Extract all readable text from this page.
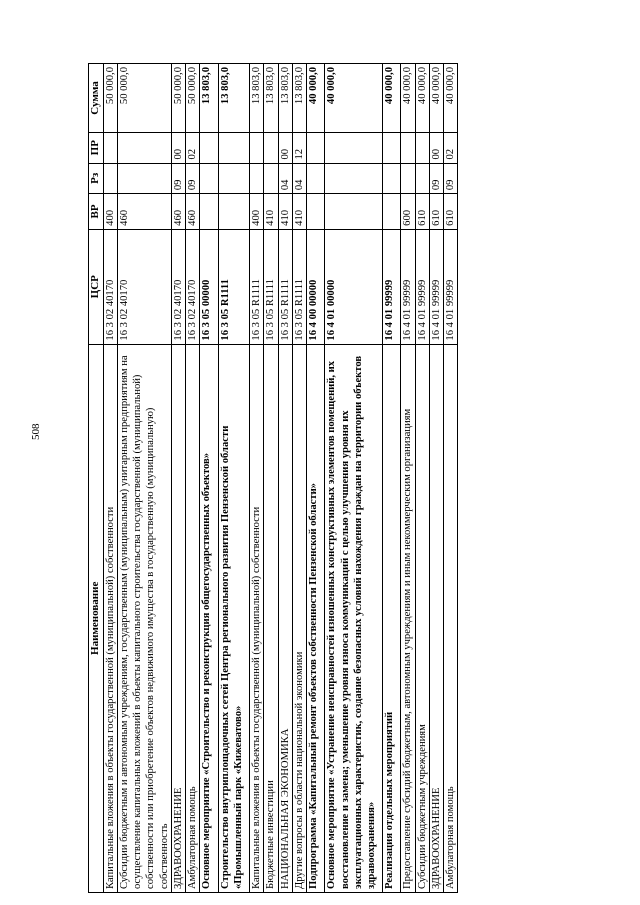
508
Наименование	ЦСР	ВР	Рз	ПР	Сумма
Капитальные вложения в объекты государственной (муниципальной) собственности	16 3 02 40170	400			50 000,0
Субсидии бюджетным и автономным учреждениям, государственным (муниципальным) унитарным предприятиям на осуществление капитальных вложений в объекты капитального строительства государственной (муниципальной) собственности или приобретение объектов недвижимого имущества в государственную (муниципальную) собственность	16 3 02 40170	460			50 000,0
ЗДРАВООХРАНЕНИЕ	16 3 02 40170	460	09	00	50 000,0
Амбулаторная помощь	16 3 02 40170	460	09	02	50 000,0
Основное мероприятие «Строительство и реконструкция общегосударственных объектов»	16 3 05 00000				13 803,0
Строительство внутриплощадочных сетей Центра регионального развития Пензенской области «Промышленный парк «Кижеватово»	16 3 05 R1111				13 803,0
Капитальные вложения в объекты государственной (муниципальной) собственности	16 3 05 R1111	400			13 803,0
Бюджетные инвестиции	16 3 05 R1111	410			13 803,0
НАЦИОНАЛЬНАЯ ЭКОНОМИКА	16 3 05 R1111	410	04	00	13 803,0
Другие вопросы в области национальной экономики	16 3 05 R1111	410	04	12	13 803,0
Подпрограмма «Капитальный ремонт объектов собственности Пензенской области»	16 4 00 00000				40 000,0
Основное мероприятие «Устранение неисправностей изношенных конструктивных элементов помещений, их восстановление и замена; уменьшение уровня износа коммуникаций с целью улучшения уровня их эксплуатационных характеристик, создание безопасных условий нахождения граждан на территории объектов здравоохранения»	16 4 01 00000				40 000,0
Реализация отдельных мероприятий	16 4 01 99999				40 000,0
Предоставление субсидий бюджетным, автономным учреждениям и иным некоммерческим организациям	16 4 01 99999	600			40 000,0
Субсидии бюджетным учреждениям	16 4 01 99999	610			40 000,0
ЗДРАВООХРАНЕНИЕ	16 4 01 99999	610	09	00	40 000,0
Амбулаторная помощь	16 4 01 99999	610	09	02	40 000,0
